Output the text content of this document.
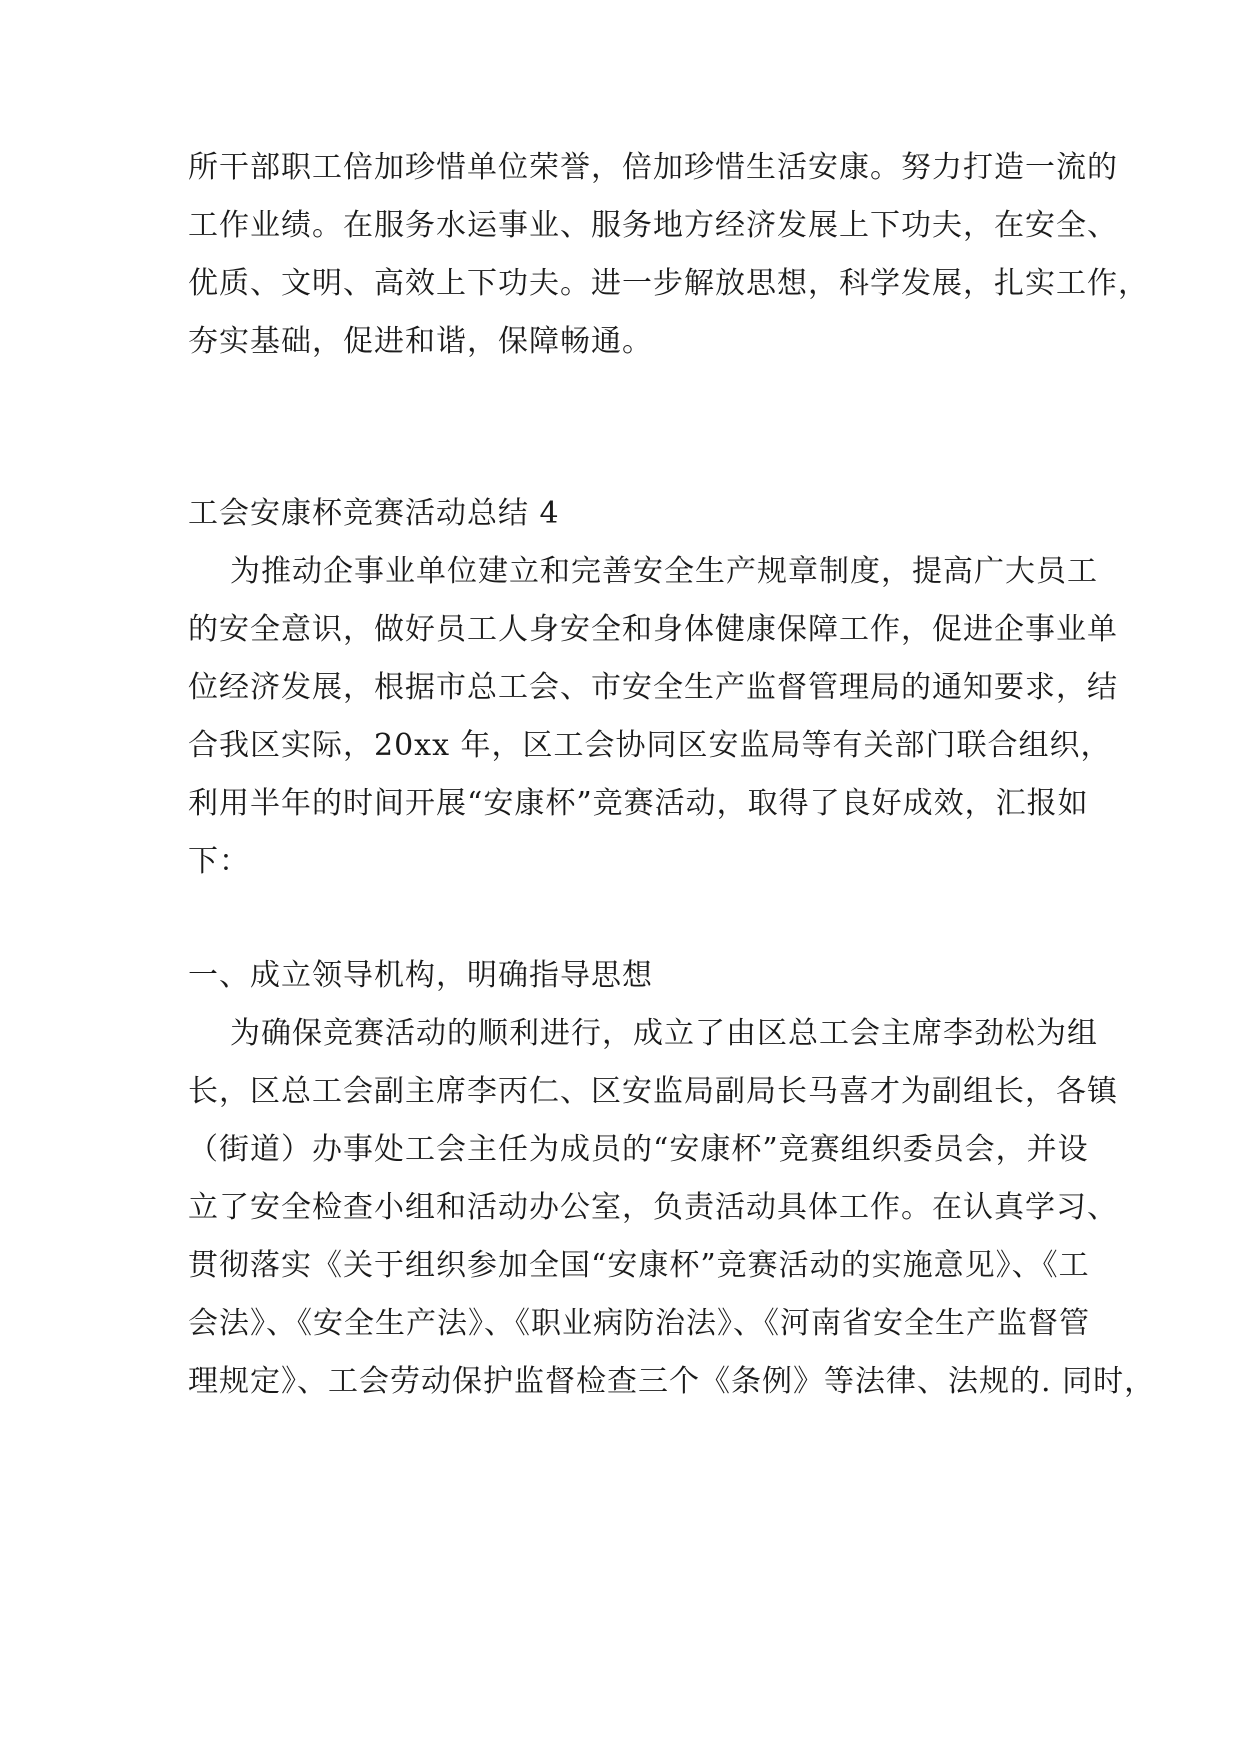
所干部职工倍加珍惜单位荣誉，倍加珍惜生活安康。努力打造一流的
工作业绩。在服务水运事业、服务地方经济发展上下功夫，在安全、
优质、文明、高效上下功夫。进一步解放思想，科学发展，扎实工作，
夯实基础，促进和谐，保障畅通。
工会安康杯竞赛活动总结 4
为推动企事业单位建立和完善安全生产规章制度，提高广大员工
的安全意识，做好员工人身安全和身体健康保障工作，促进企事业单
位经济发展，根据市总工会、市安全生产监督管理局的通知要求，结
合我区实际，20xx 年，区工会协同区安监局等有关部门联合组织，
利用半年的时间开展“安康杯”竞赛活动，取得了良好成效，汇报如
下：
一、成立领导机构，明确指导思想
为确保竞赛活动的顺利进行，成立了由区总工会主席李劲松为组
长，区总工会副主席李丙仁、区安监局副局长马喜才为副组长，各镇
（街道）办事处工会主任为成员的“安康杯”竞赛组织委员会，并设
立了安全检查小组和活动办公室，负责活动具体工作。在认真学习、
贯彻落实《关于组织参加全国“安康杯”竞赛活动的实施意见》、《工
会法》、《安全生产法》、《职业病防治法》、《河南省安全生产监督管
理规定》、工会劳动保护监督检查三个《条例》等法律、法规的. 同时，
